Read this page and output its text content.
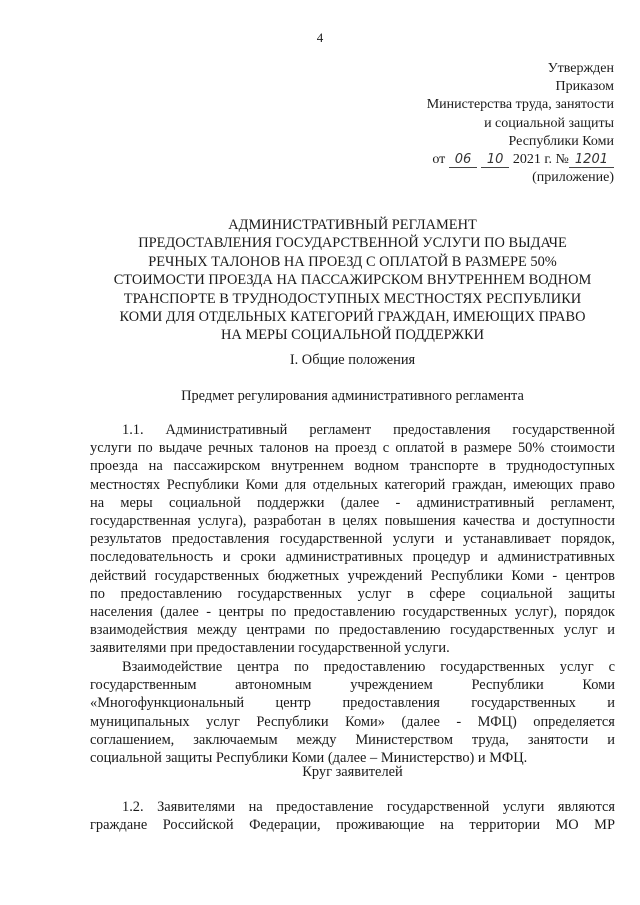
4
Утвержден
Приказом
Министерства труда, занятости
и социальной защиты
Республики Коми
от 06 10 2021 г. № 1201
(приложение)
АДМИНИСТРАТИВНЫЙ РЕГЛАМЕНТ
ПРЕДОСТАВЛЕНИЯ ГОСУДАРСТВЕННОЙ УСЛУГИ ПО ВЫДАЧЕ
РЕЧНЫХ ТАЛОНОВ НА ПРОЕЗД С ОПЛАТОЙ В РАЗМЕРЕ 50%
СТОИМОСТИ ПРОЕЗДА НА ПАССАЖИРСКОМ ВНУТРЕННЕМ ВОДНОМ
ТРАНСПОРТЕ В ТРУДНОДОСТУПНЫХ МЕСТНОСТЯХ РЕСПУБЛИКИ
КОМИ ДЛЯ ОТДЕЛЬНЫХ КАТЕГОРИЙ ГРАЖДАН, ИМЕЮЩИХ ПРАВО
НА МЕРЫ СОЦИАЛЬНОЙ ПОДДЕРЖКИ
I. Общие положения
Предмет регулирования административного регламента
1.1. Административный регламент предоставления государственной
услуги по выдаче речных талонов на проезд с оплатой в размере 50% стоимости
проезда на пассажирском внутреннем водном транспорте в труднодоступных
местностях Республики Коми для отдельных категорий граждан, имеющих право
на меры социальной поддержки (далее - административный регламент,
государственная услуга), разработан в целях повышения качества и доступности
результатов предоставления государственной услуги и устанавливает порядок,
последовательность и сроки административных процедур и административных
действий государственных бюджетных учреждений Республики Коми - центров
по предоставлению государственных услуг в сфере социальной защиты
населения (далее - центры по предоставлению государственных услуг), порядок
взаимодействия между центрами по предоставлению государственных услуг и
заявителями при предоставлении государственной услуги.
Взаимодействие центра по предоставлению государственных услуг с
государственным	автономным	учреждением	Республики	Коми
«Многофункциональный центр предоставления государственных и
муниципальных услуг Республики Коми» (далее - МФЦ) определяется
соглашением, заключаемым между Министерством труда, занятости и
социальной защиты Республики Коми (далее – Министерство) и МФЦ.
Круг заявителей
1.2. Заявителями на предоставление государственной услуги являются
граждане Российской Федерации, проживающие на территории МО МР
